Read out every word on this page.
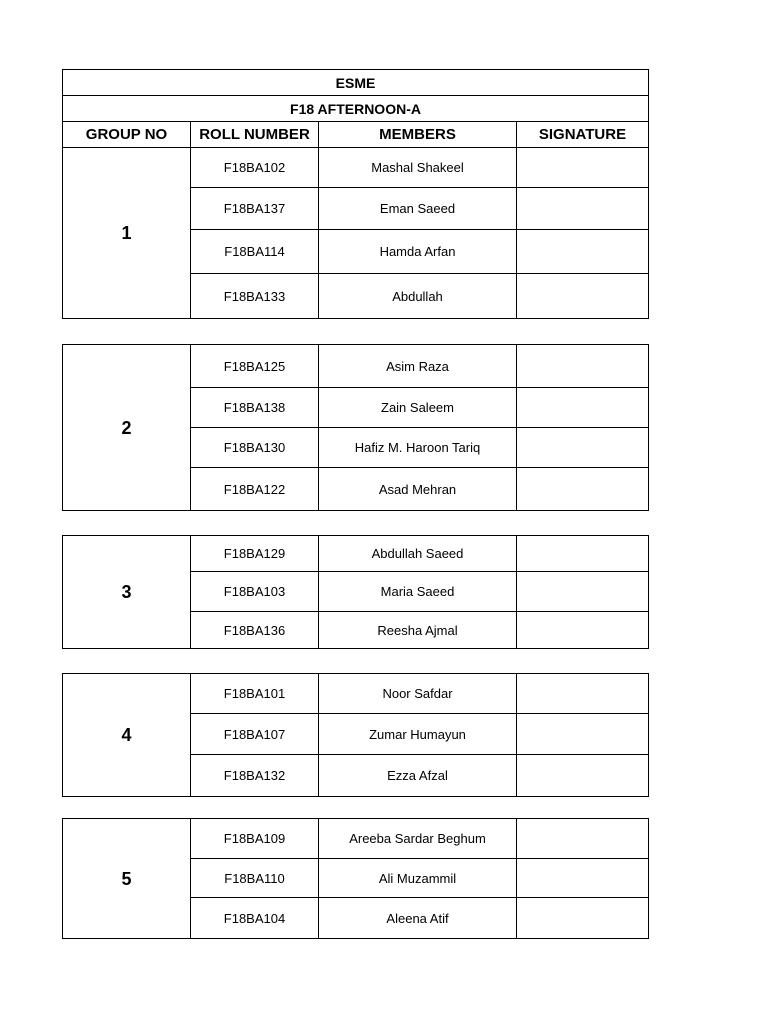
ESME			
F18 AFTERNOON-A			
GROUP NO	ROLL NUMBER	MEMBERS	SIGNATURE
1	F18BA102	Mashal Shakeel	
	F18BA137	Eman Saeed	
	F18BA114	Hamda Arfan	
	F18BA133	Abdullah	
2	F18BA125	Asim Raza	
	F18BA138	Zain Saleem	
	F18BA130	Hafiz M. Haroon Tariq	
	F18BA122	Asad Mehran	
3	F18BA129	Abdullah Saeed	
	F18BA103	Maria Saeed	
	F18BA136	Reesha Ajmal	
4	F18BA101	Noor Safdar	
	F18BA107	Zumar Humayun	
	F18BA132	Ezza Afzal	
5	F18BA109	Areeba Sardar Beghum	
	F18BA110	Ali Muzammil	
	F18BA104	Aleena Atif	
